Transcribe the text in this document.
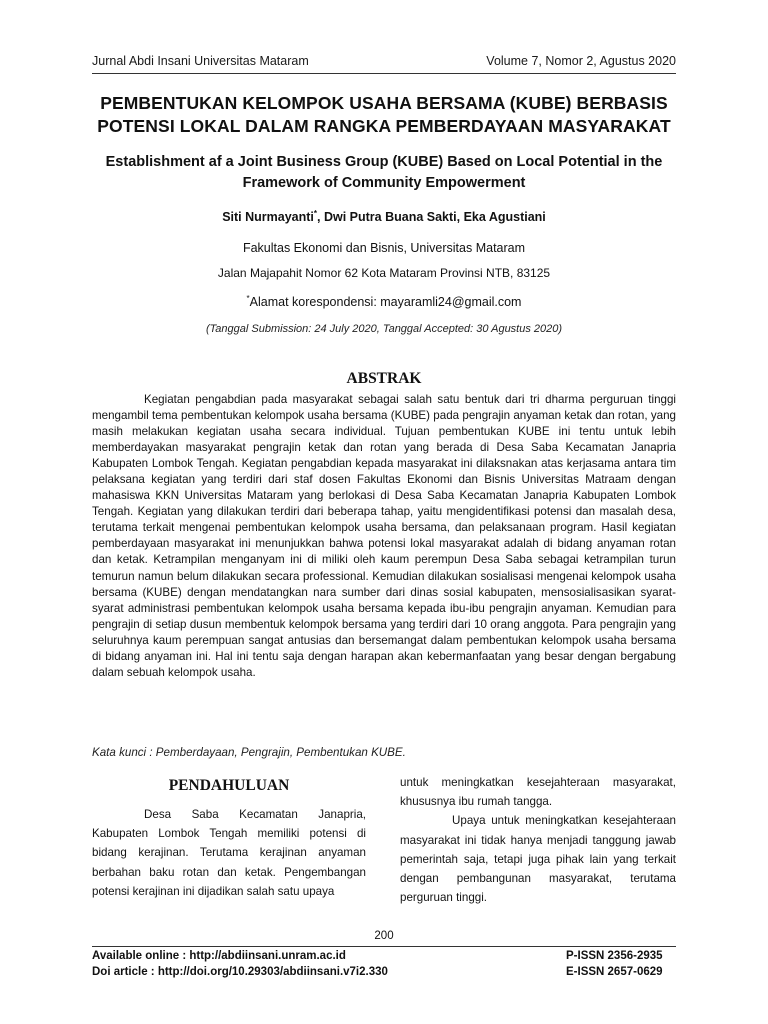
Jurnal Abdi Insani Universitas Mataram	Volume 7, Nomor 2, Agustus 2020
PEMBENTUKAN KELOMPOK USAHA BERSAMA (KUBE) BERBASIS POTENSI LOKAL DALAM RANGKA PEMBERDAYAAN MASYARAKAT
Establishment af a Joint Business Group (KUBE) Based on Local Potential in the Framework of Community Empowerment
Siti Nurmayanti*, Dwi Putra Buana Sakti, Eka Agustiani
Fakultas Ekonomi dan Bisnis, Universitas Mataram
Jalan Majapahit Nomor 62 Kota Mataram Provinsi NTB, 83125
*Alamat korespondensi: mayaramli24@gmail.com
(Tanggal Submission: 24 July 2020, Tanggal Accepted: 30 Agustus 2020)
ABSTRAK

Kegiatan pengabdian pada masyarakat sebagai salah satu bentuk dari tri dharma perguruan tinggi mengambil tema pembentukan kelompok usaha bersama (KUBE) pada pengrajin anyaman ketak dan rotan, yang masih melakukan kegiatan usaha secara individual. Tujuan pembentukan KUBE ini tentu untuk lebih memberdayakan masyarakat pengrajin ketak dan rotan yang berada di Desa Saba Kecamatan Janapria Kabupaten Lombok Tengah. Kegiatan pengabdian kepada masyarakat ini dilaksnakan atas kerjasama antara tim pelaksana kegiatan yang terdiri dari staf dosen Fakultas Ekonomi dan Bisnis Universitas Matraam dengan mahasiswa KKN Universitas Mataram yang berlokasi di Desa Saba Kecamatan Janapria Kabupaten Lombok Tengah. Kegiatan yang dilakukan terdiri dari beberapa tahap, yaitu mengidentifikasi potensi dan masalah desa, terutama terkait mengenai pembentukan kelompok usaha bersama, dan pelaksanaan program. Hasil kegiatan pemberdayaan masyarakat ini menunjukkan bahwa potensi lokal masyarakat adalah di bidang anyaman rotan dan ketak. Ketrampilan menganyam ini di miliki oleh kaum perempun Desa Saba sebagai ketrampilan turun temurun namun belum dilakukan secara professional. Kemudian dilakukan sosialisasi mengenai kelompok usaha bersama (KUBE) dengan mendatangkan nara sumber dari dinas sosial kabupaten, mensosialisasikan syarat-syarat administrasi pembentukan kelompok usaha bersama kepada ibu-ibu pengrajin anyaman. Kemudian para pengrajin di setiap dusun membentuk kelompok bersama yang terdiri dari 10 orang anggota. Para pengrajin yang seluruhnya kaum perempuan sangat antusias dan bersemangat dalam pembentukan kelompok usaha bersama di bidang anyaman ini. Hal ini tentu saja dengan harapan akan kebermanfaatan yang besar dengan bergabung dalam sebuah kelompok usaha.

Kata kunci : Pemberdayaan, Pengrajin, Pembentukan KUBE.
PENDAHULUAN

Desa Saba Kecamatan Janapria, Kabupaten Lombok Tengah memiliki potensi di bidang kerajinan. Terutama kerajinan anyaman berbahan baku rotan dan ketak. Pengembangan potensi kerajinan ini dijadikan salah satu upaya

untuk meningkatkan kesejahteraan masyarakat, khususnya ibu rumah tangga.

Upaya untuk meningkatkan kesejahteraan masyarakat ini tidak hanya menjadi tanggung jawab pemerintah saja, tetapi juga pihak lain yang terkait dengan pembangunan masyarakat, terutama perguruan tinggi.

200
Available online : http://abdiinsani.unram.ac.id
Doi article : http://doi.org/10.29303/abdiinsani.v7i2.330
P-ISSN 2356-2935
E-ISSN 2657-0629
